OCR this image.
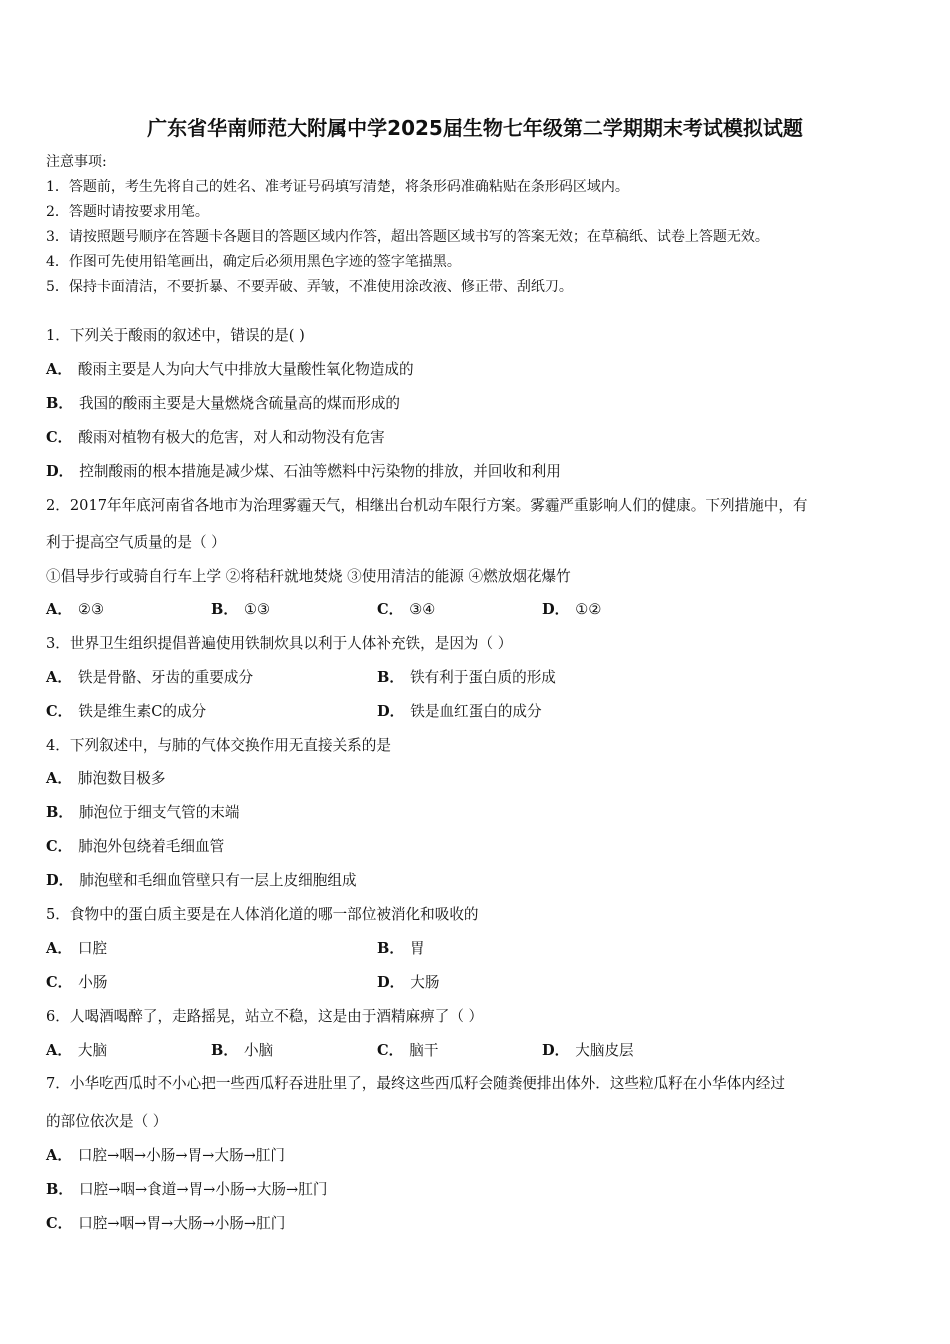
广东省华南师范大附属中学2025届生物七年级第二学期期末考试模拟试题
注意事项:
1．答题前，考生先将自己的姓名、准考证号码填写清楚，将条形码准确粘贴在条形码区域内。
2．答题时请按要求用笔。
3．请按照题号顺序在答题卡各题目的答题区域内作答，超出答题区域书写的答案无效；在草稿纸、试卷上答题无效。
4．作图可先使用铅笔画出，确定后必须用黑色字迹的签字笔描黑。
5．保持卡面清洁，不要折暴、不要弄破、弄皱，不准使用涂改液、修正带、刮纸刀。
1．下列关于酸雨的叙述中，错误的是( )
A． 酸雨主要是人为向大气中排放大量酸性氧化物造成的
B． 我国的酸雨主要是大量燃烧含硫量高的煤而形成的
C． 酸雨对植物有极大的危害，对人和动物没有危害
D． 控制酸雨的根本措施是减少煤、石油等燃料中污染物的排放，并回收和利用
2．2017年年底河南省各地市为治理雾霾天气，相继出台机动车限行方案。雾霾严重影响人们的健康。下列措施中，有
利于提高空气质量的是（ ）
①倡导步行或骑自行车上学 ②将秸秆就地焚烧 ③使用清洁的能源 ④燃放烟花爆竹
A． ②③	B． ①③	C． ③④	D． ①②
3．世界卫生组织提倡普遍使用铁制炊具以利于人体补充铁，是因为（ ）
A． 铁是骨骼、牙齿的重要成分	B． 铁有利于蛋白质的形成
C． 铁是维生素C的成分	D． 铁是血红蛋白的成分
4．下列叙述中，与肺的气体交换作用无直接关系的是
A． 肺泡数目极多
B． 肺泡位于细支气管的末端
C． 肺泡外包绕着毛细血管
D． 肺泡壁和毛细血管壁只有一层上皮细胞组成
5．食物中的蛋白质主要是在人体消化道的哪一部位被消化和吸收的
A． 口腔	B． 胃
C． 小肠	D． 大肠
6．人喝酒喝醉了，走路摇晃，站立不稳，这是由于酒精麻痹了（ ）
A． 大脑	B． 小脑	C． 脑干	D． 大脑皮层
7．小华吃西瓜时不小心把一些西瓜籽吞进肚里了，最终这些西瓜籽会随粪便排出体外．这些粒瓜籽在小华体内经过
的部位依次是（ ）
A． 口腔→咽→小肠→胃→大肠→肛门
B． 口腔→咽→食道→胃→小肠→大肠→肛门
C． 口腔→咽→胃→大肠→小肠→肛门
